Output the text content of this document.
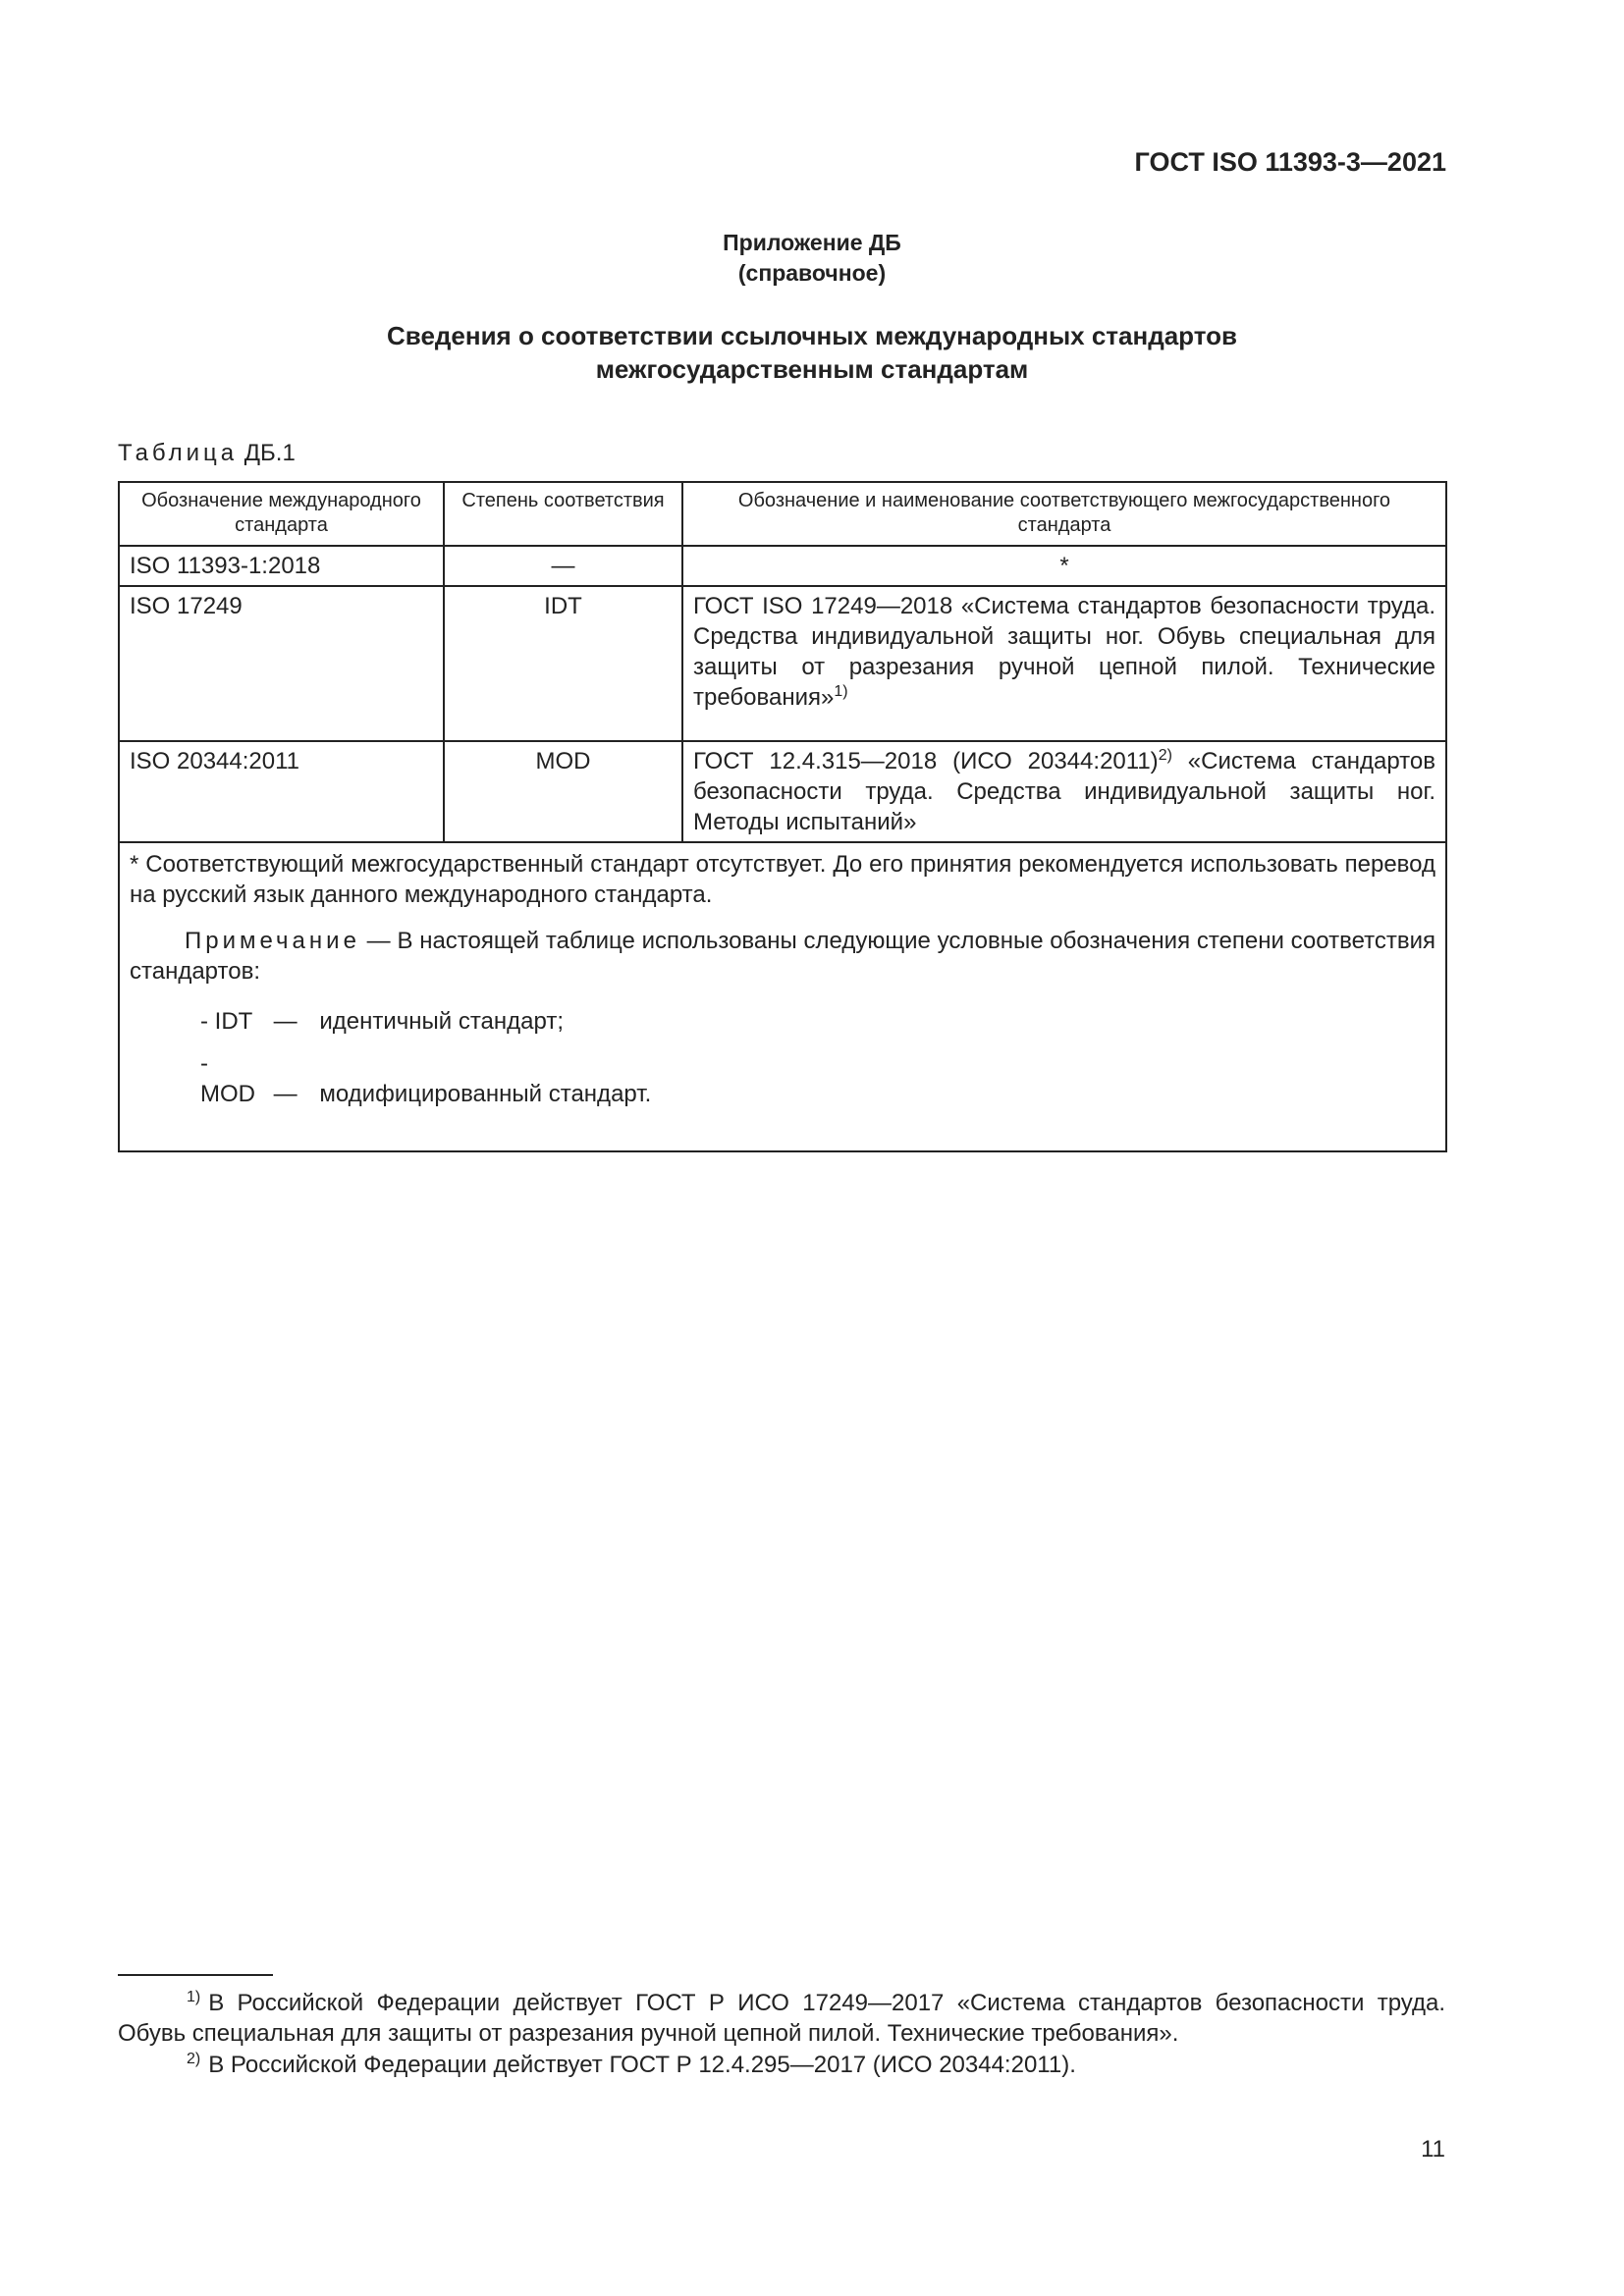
ГОСТ ISO 11393-3—2021
Приложение ДБ
(справочное)
Сведения о соответствии ссылочных международных стандартов
межгосударственным стандартам
Таблица ДБ.1
Обозначение международного стандарта	Степень соответствия	Обозначение и наименование соответствующего межгосударственного стандарта
ISO 11393-1:2018	—	*
ISO 17249	IDT	ГОСТ ISO 17249—2018 «Система стандартов безопасности труда. Средства индивидуальной защиты ног. Обувь специальная для защиты от разрезания ручной цепной пилой. Технические требования»$^{1)}$
ISO 20344:2011	MOD	ГОСТ 12.4.315—2018 (ИСО 20344:2011)$^{2)}$ «Система стандартов безопасности труда. Средства индивидуальной защиты ног. Методы испытаний»

* Соответствующий межгосударственный стандарт отсутствует. До его принятия рекомендуется использовать перевод на русский язык данного международного стандарта.
Примечание — В настоящей таблице использованы следующие условные обозначения степени соответствия стандартов:
- IDT — идентичный стандарт;
- MOD — модифицированный стандарт.		
$^{1)}$ В Российской Федерации действует ГОСТ Р ИСО 17249—2017 «Система стандартов безопасности труда. Обувь специальная для защиты от разрезания ручной цепной пилой. Технические требования».
$^{2)}$ В Российской Федерации действует ГОСТ Р 12.4.295—2017 (ИСО 20344:2011).
11
